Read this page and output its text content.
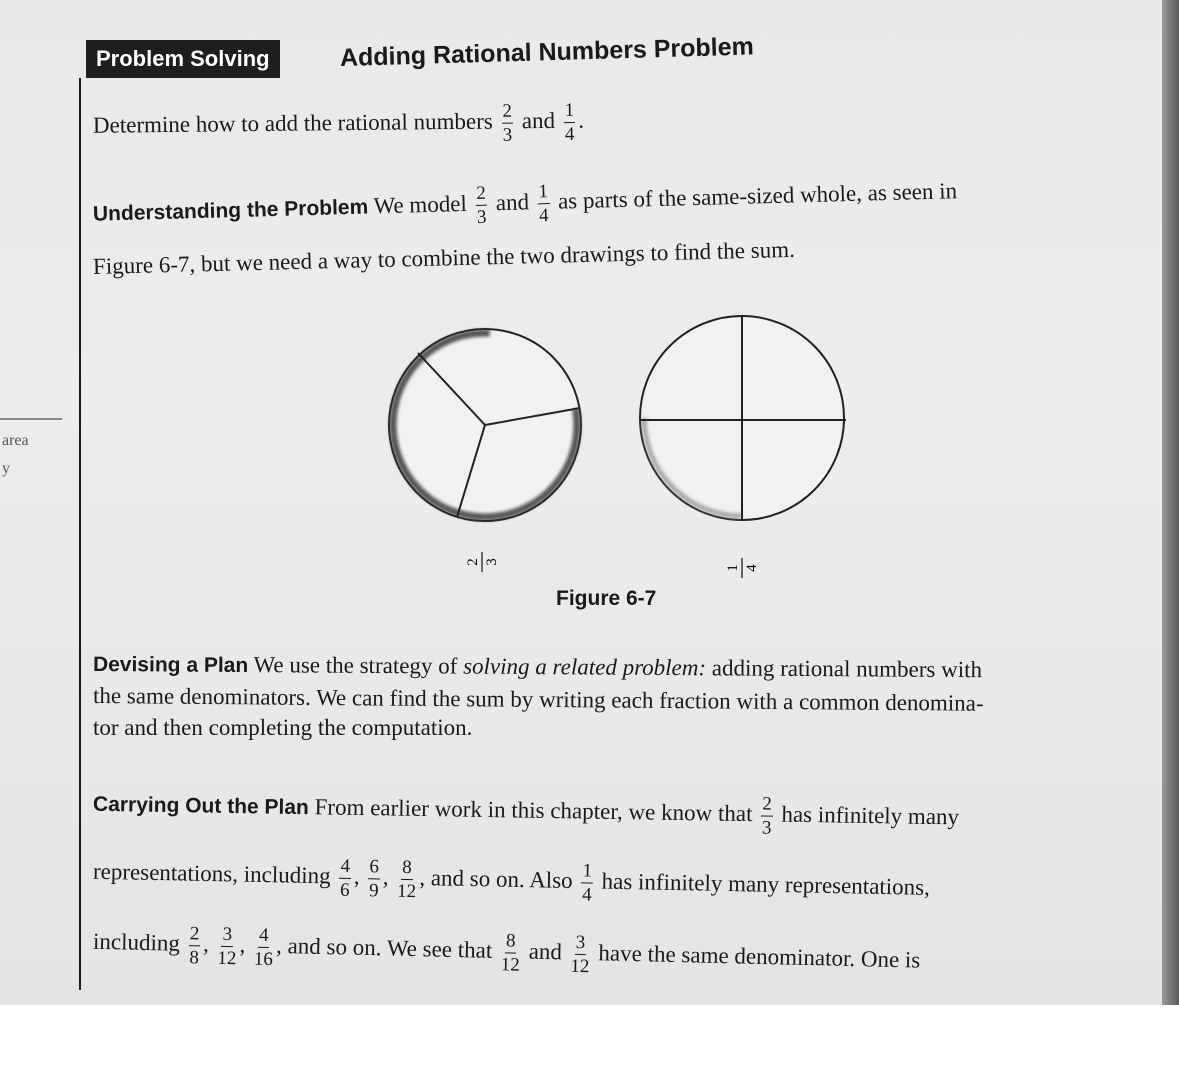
area
y
Problem Solving	Adding Rational Numbers Problem
Determine how to add the rational numbers $\frac{2}{3}$ and $\frac{1}{4}$ .
Understanding the Problem We model $\frac{2}{3}$ and $\frac{1}{4}$ as parts of the same-sized whole, as seen in
Figure 6-7, but we need a way to combine the two drawings to find the sum.
2 3
1 4
Figure 6-7
Devising a Plan We use the strategy of solving a related problem: adding rational numbers with
the same denominators. We can find the sum by writing each fraction with a common denomina-
tor and then completing the computation.
Carrying Out the Plan From earlier work in this chapter, we know that $\frac{2}{3}$ has infinitely many
representations, including $\frac{4}{6}$ , $\frac{6}{9}$ , $\frac{8}{12}$ , and so on. Also $\frac{1}{4}$ has infinitely many representations,
including $\frac{2}{8}$ , $\frac{3}{12}$ , $\frac{4}{16}$ , and so on. We see that $\frac{8}{12}$ and $\frac{3}{12}$ have the same denominator. One is
